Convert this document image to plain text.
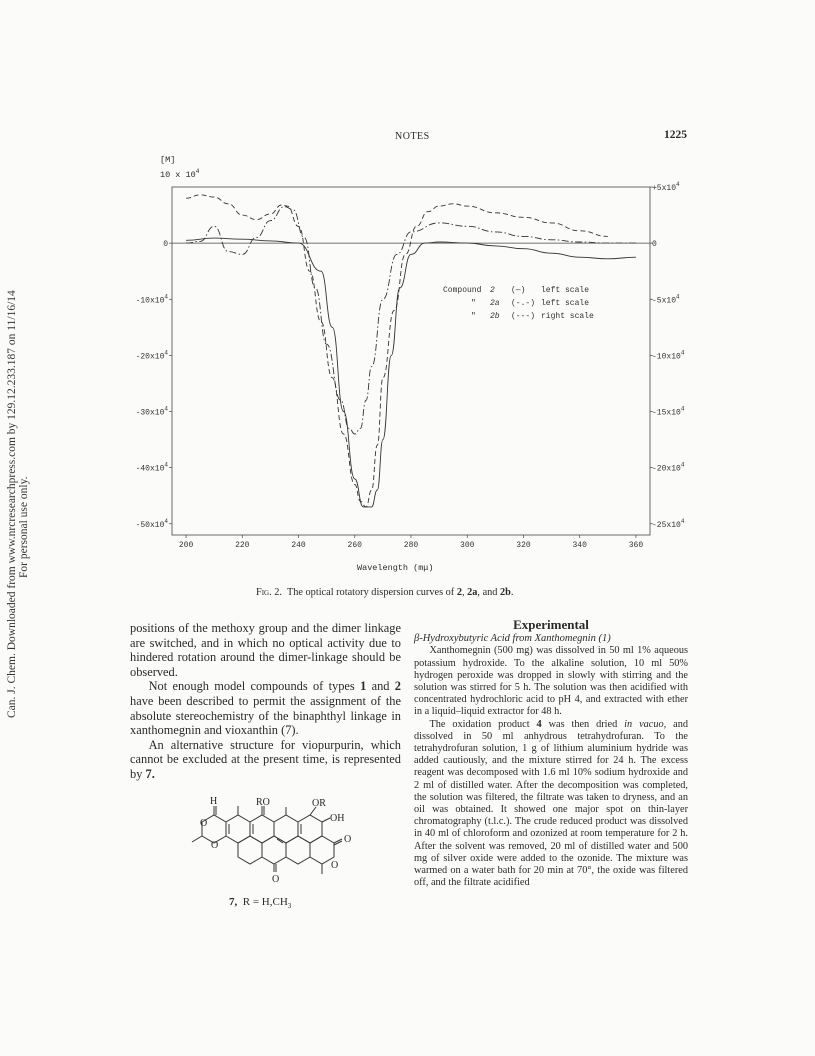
Can. J. Chem. Downloaded from www.nrcresearchpress.com by 129.12.233.187 on 11/16/14 For personal use only.
NOTES	1225
[M]
10 x $10^4$
0
$-10x10^4$
$-20x10^4$
$-30x10^4$
$-40x10^4$
$-50x10^4$
$+5x10^4$
0
$-5x10^4$
$-10x10^4$
$-15x10^4$
$-20x10^4$
$-25x10^4$
200	220	240	260	280	300	320	340	360
Compound 2 (—) left scale
" 2a (-.-) left scale
" 2b (---) right scale
Wavelength (mμ)
Fig. 2. The optical rotatory dispersion curves of 2, 2a, and 2b.

positions of the methoxy group and the dimer linkage are switched, and in which no optical activity due to hindered rotation around the dimer-linkage should be observed.

Not enough model compounds of types 1 and 2 have been described to permit the assignment of the absolute stereochemistry of the binaphthyl linkage in xanthomegnin and vioxanthin (7).

An alternative structure for viopurpurin, which cannot be excluded at the present time, is represented by 7.

H	RO	OR
OH
O
O
O
O
O
7, $R = H,CH_3$
Experimental
β-Hydroxybutyric Acid from Xanthomegnin (1)

Xanthomegnin (500 mg) was dissolved in 50 ml 1% aqueous potassium hydroxide. To the alkaline solution, 10 ml 50% hydrogen peroxide was dropped in slowly with stirring and the solution was stirred for 5 h. The solution was then acidified with concentrated hydrochloric acid to pH 4, and extracted with ether in a liquid–liquid extractor for 48 h.

The oxidation product 4 was then dried in vacuo, and dissolved in 50 ml anhydrous tetrahydrofuran. To the tetrahydrofuran solution, 1 g of lithium aluminium hydride was added cautiously, and the mixture stirred for 24 h. The excess reagent was decomposed with 1.6 ml 10% sodium hydroxide and 2 ml of distilled water. After the decomposition was completed, the solution was filtered, the filtrate was taken to dryness, and an oil was obtained. It showed one major spot on thin-layer chromatography (t.l.c.). The crude reduced product was dissolved in 40 ml of chloroform and ozonized at room temperature for 2 h. After the solvent was removed, 20 ml of distilled water and 500 mg of silver oxide were added to the ozonide. The mixture was warmed on a water bath for 20 min at 70°, the oxide was filtered off, and the filtrate acidified
